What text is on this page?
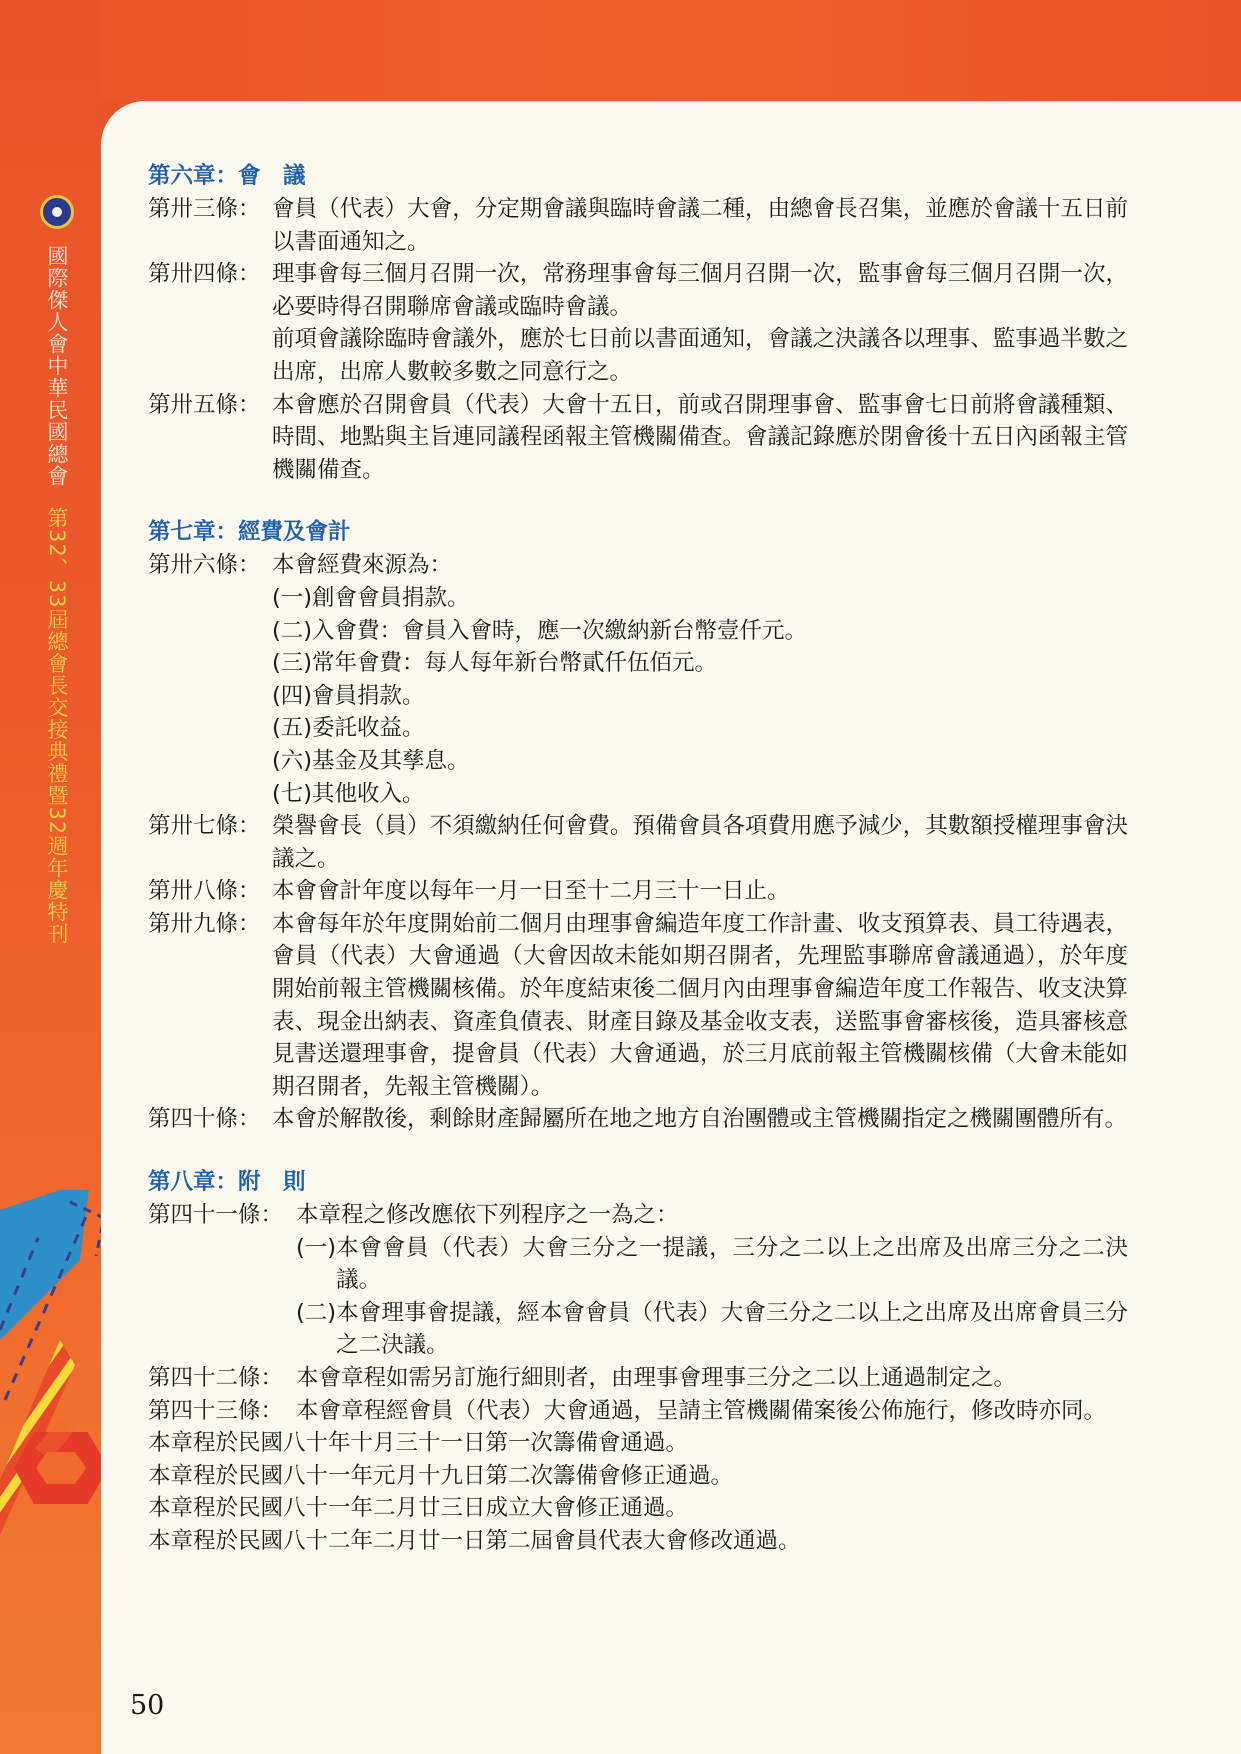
國際傑人會中華民國總會 第32、33屆總會長交接典禮暨32週年慶特刊
第六章：會　議
第卅三條： 會員（代表）大會，分定期會議與臨時會議二種，由總會長召集，並應於會議十五日前以書面通知之。
第卅四條： 理事會每三個月召開一次，常務理事會每三個月召開一次，監事會每三個月召開一次，必要時得召開聯席會議或臨時會議。

前項會議除臨時會議外，應於七日前以書面通知，會議之決議各以理事、監事過半數之出席，出席人數較多數之同意行之。

第卅五條： 本會應於召開會員（代表）大會十五日，前或召開理事會、監事會七日前將會議種類、時間、地點與主旨連同議程函報主管機關備查。會議記錄應於閉會後十五日內函報主管機關備查。
第七章：經費及會計
第卅六條： 本會經費來源為：

(一)創會會員捐款。

(二)入會費：會員入會時，應一次繳納新台幣壹仟元。

(三)常年會費：每人每年新台幣貳仟伍佰元。

(四)會員捐款。

(五)委託收益。

(六)基金及其孳息。

(七)其他收入。

第卅七條： 榮譽會長（員）不須繳納任何會費。預備會員各項費用應予減少，其數額授權理事會決議之。
第卅八條： 本會會計年度以每年一月一日至十二月三十一日止。
第卅九條： 本會每年於年度開始前二個月由理事會編造年度工作計畫、收支預算表、員工待遇表，會員（代表）大會通過（大會因故未能如期召開者，先理監事聯席會議通過），於年度開始前報主管機關核備。於年度結束後二個月內由理事會編造年度工作報告、收支決算表、現金出納表、資產負債表、財產目錄及基金收支表，送監事會審核後，造具審核意見書送還理事會，提會員（代表）大會通過，於三月底前報主管機關核備（大會未能如期召開者，先報主管機關）。
第四十條： 本會於解散後，剩餘財產歸屬所在地之地方自治團體或主管機關指定之機關團體所有。
第八章：附　則
第四十一條： 本章程之修改應依下列程序之一為之：

(一) 本會會員（代表）大會三分之一提議，三分之二以上之出席及出席三分之二決議。
(二) 本會理事會提議，經本會會員（代表）大會三分之二以上之出席及出席會員三分之二決議。
第四十二條： 本會章程如需另訂施行細則者，由理事會理事三分之二以上通過制定之。
第四十三條： 本會章程經會員（代表）大會通過，呈請主管機關備案後公佈施行，修改時亦同。
本章程於民國八十年十月三十一日第一次籌備會通過。
本章程於民國八十一年元月十九日第二次籌備會修正通過。
本章程於民國八十一年二月廿三日成立大會修正通過。
本章程於民國八十二年二月廿一日第二屆會員代表大會修改通過。
50
